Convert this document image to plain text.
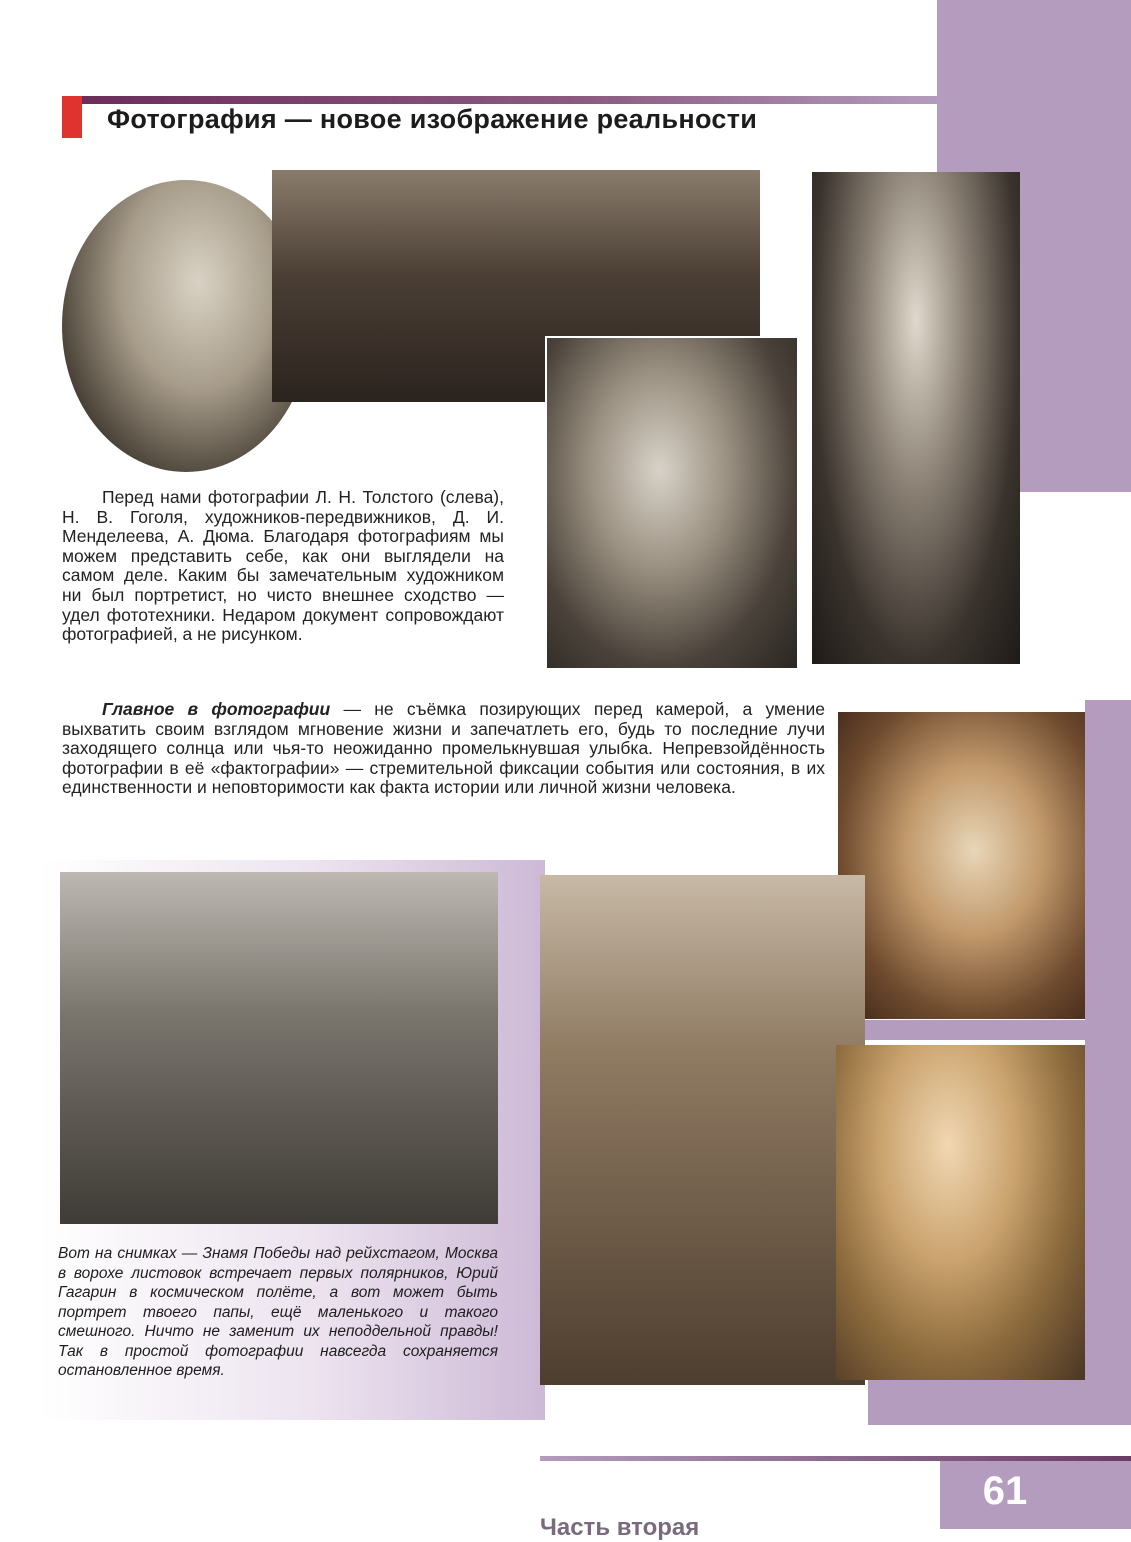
Фотография — новое изображение реальности
Перед нами фотографии Л. Н. Толстого (слева), Н. В. Гоголя, художников-передвижников, Д. И. Менделеева, А. Дюма. Благодаря фотографиям мы можем представить себе, как они выглядели на самом деле. Каким бы замечательным художником ни был портретист, но чисто внешнее сходство — удел фототехники. Недаром документ сопровождают фотографией, а не рисунком.
Главное в фотографии — не съёмка позирующих перед камерой, а умение выхватить своим взглядом мгновение жизни и запечатлеть его, будь то последние лучи заходящего солнца или чья-то неожиданно промелькнувшая улыбка. Непревзойдённость фотографии в её «фактографии» — стремительной фиксации события или состояния, в их единственности и неповторимости как факта истории или личной жизни человека.
Вот на снимках — Знамя Победы над рейхстагом, Москва в ворохе листовок встречает первых полярников, Юрий Гагарин в космическом полёте, а вот может быть портрет твоего папы, ещё маленького и такого смешного. Ничто не заменит их неподдельной правды! Так в простой фотографии навсегда сохраняется остановленное время.
Часть вторая
61
